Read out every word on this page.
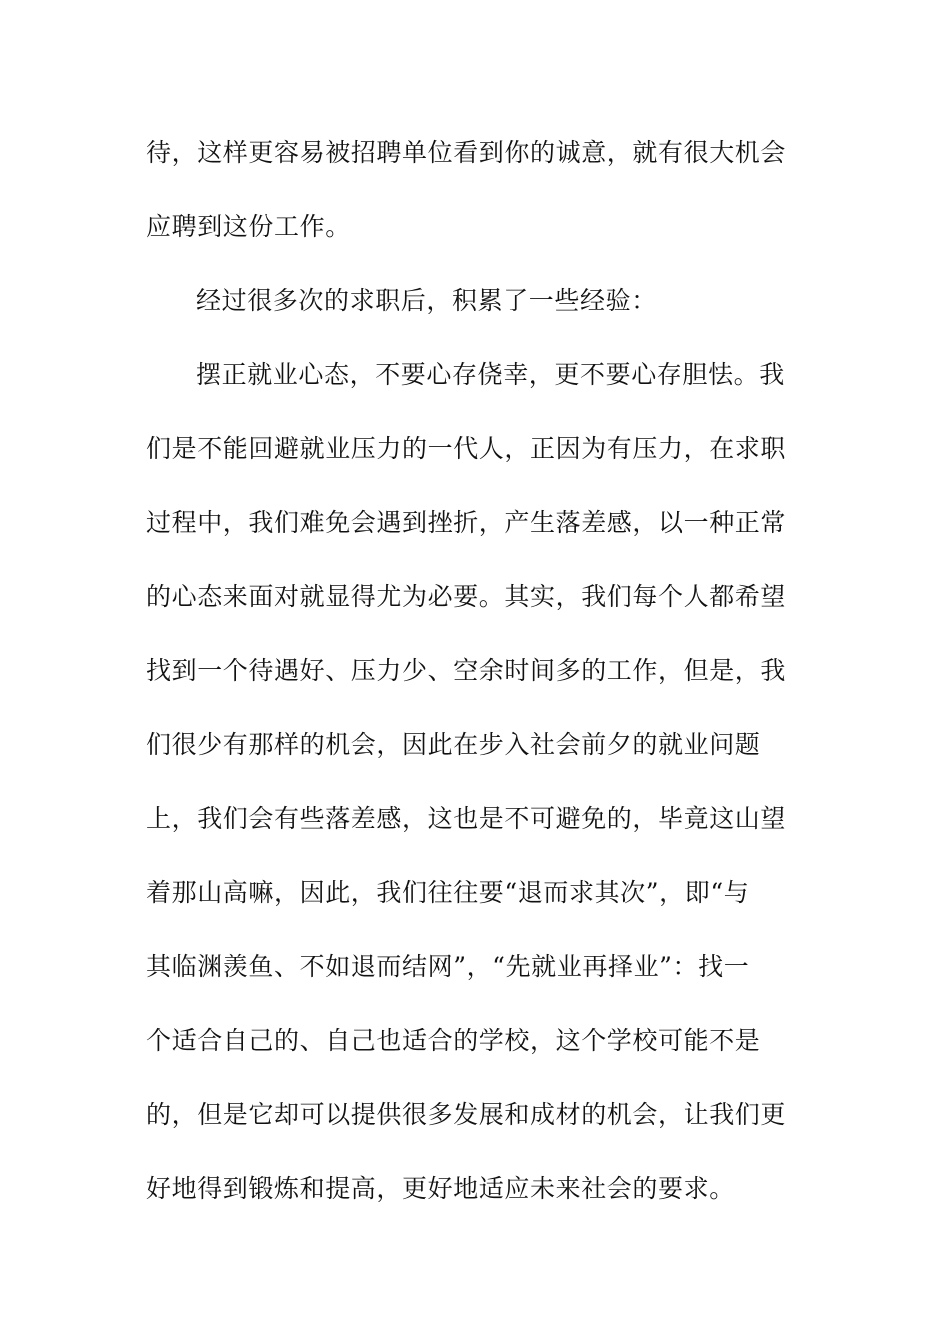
待，这样更容易被招聘单位看到你的诚意，就有很大机会
应聘到这份工作。
经过很多次的求职后，积累了一些经验：
摆正就业心态，不要心存侥幸，更不要心存胆怯。我
们是不能回避就业压力的一代人，正因为有压力，在求职
过程中，我们难免会遇到挫折，产生落差感，以一种正常
的心态来面对就显得尤为必要。其实，我们每个人都希望
找到一个待遇好、压力少、空余时间多的工作，但是，我
们很少有那样的机会，因此在步入社会前夕的就业问题
上，我们会有些落差感，这也是不可避免的，毕竟这山望
着那山高嘛，因此，我们往往要“退而求其次”，即“与
其临渊羡鱼、不如退而结网”，“先就业再择业”：找一
个适合自己的、自己也适合的学校，这个学校可能不是
的，但是它却可以提供很多发展和成材的机会，让我们更
好地得到锻炼和提高，更好地适应未来社会的要求。
